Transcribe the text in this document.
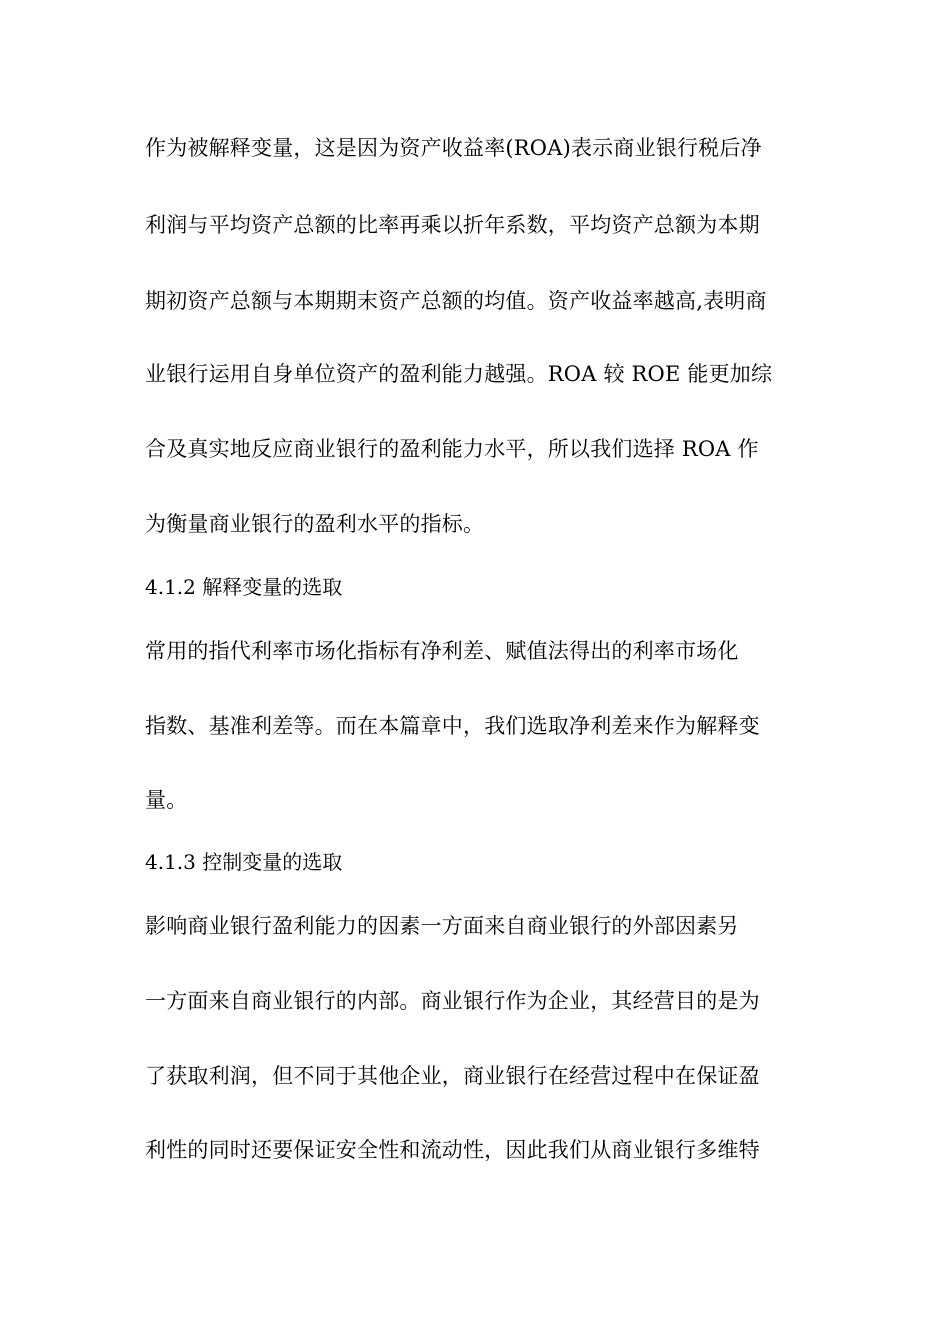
作为被解释变量，这是因为资产收益率(ROA)表示商业银行税后净
利润与平均资产总额的比率再乘以折年系数，平均资产总额为本期
期初资产总额与本期期末资产总额的均值。资产收益率越高,表明商
业银行运用自身单位资产的盈利能力越强。ROA 较 ROE 能更加综
合及真实地反应商业银行的盈利能力水平，所以我们选择 ROA 作
为衡量商业银行的盈利水平的指标。
4.1.2 解释变量的选取
常用的指代利率市场化指标有净利差、赋值法得出的利率市场化
指数、基准利差等。而在本篇章中，我们选取净利差来作为解释变
量。
4.1.3 控制变量的选取
影响商业银行盈利能力的因素一方面来自商业银行的外部因素另
一方面来自商业银行的内部。商业银行作为企业，其经营目的是为
了获取利润，但不同于其他企业，商业银行在经营过程中在保证盈
利性的同时还要保证安全性和流动性，因此我们从商业银行多维特
